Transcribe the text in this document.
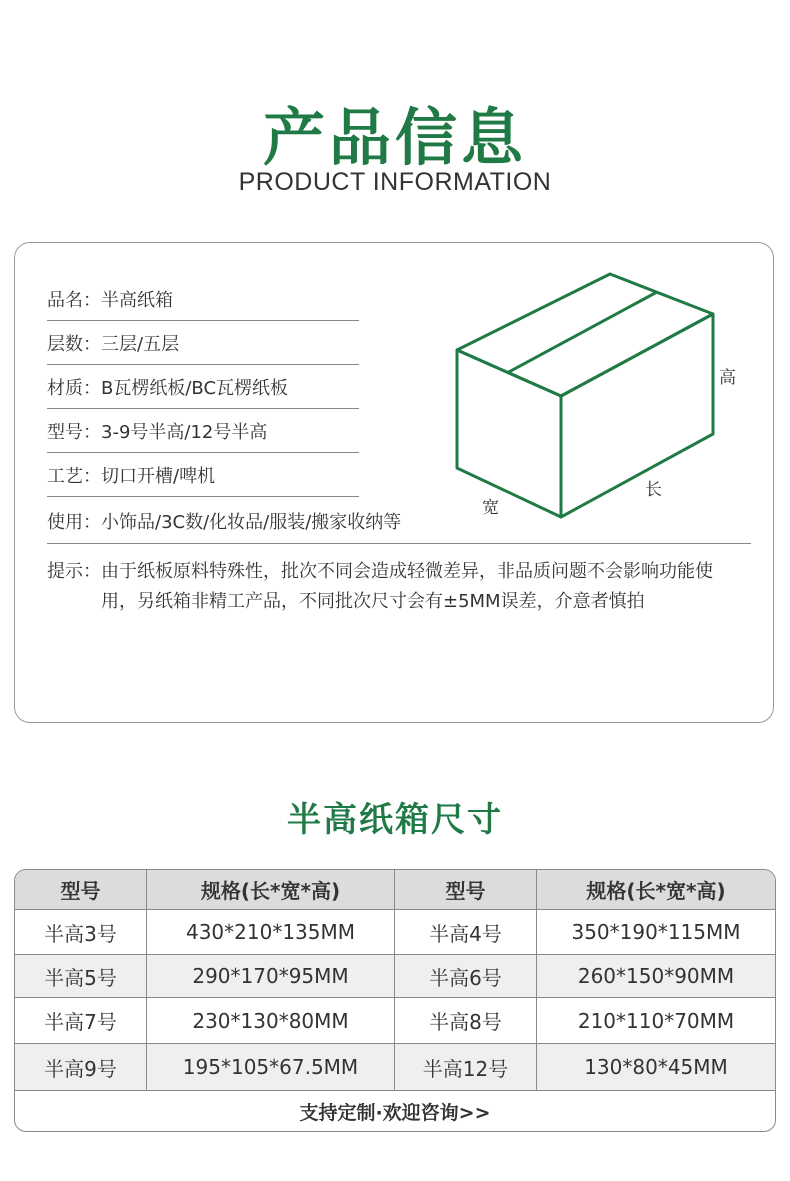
产品信息
PRODUCT INFORMATION
品名： 半高纸箱
层数： 三层/五层
材质： B瓦楞纸板/BC瓦楞纸板
型号： 3-9号半高/12号半高
工艺： 切口开槽/啤机
使用： 小饰品/3C数/化妆品/服装/搬家收纳等
提示： 由于纸板原料特殊性，批次不同会造成轻微差异，非品质问题不会影响功能使用，另纸箱非精工产品，不同批次尺寸会有±5MM误差，介意者慎拍
高
长
宽
半高纸箱尺寸
型号	规格(长*宽*高)	型号	规格(长*宽*高)
半高3号	430*210*135MM	半高4号	350*190*115MM
半高5号	290*170*95MM	半高6号	260*150*90MM
半高7号	230*130*80MM	半高8号	210*110*70MM
半高9号	195*105*67.5MM	半高12号	130*80*45MM
支持定制·欢迎咨询>>
